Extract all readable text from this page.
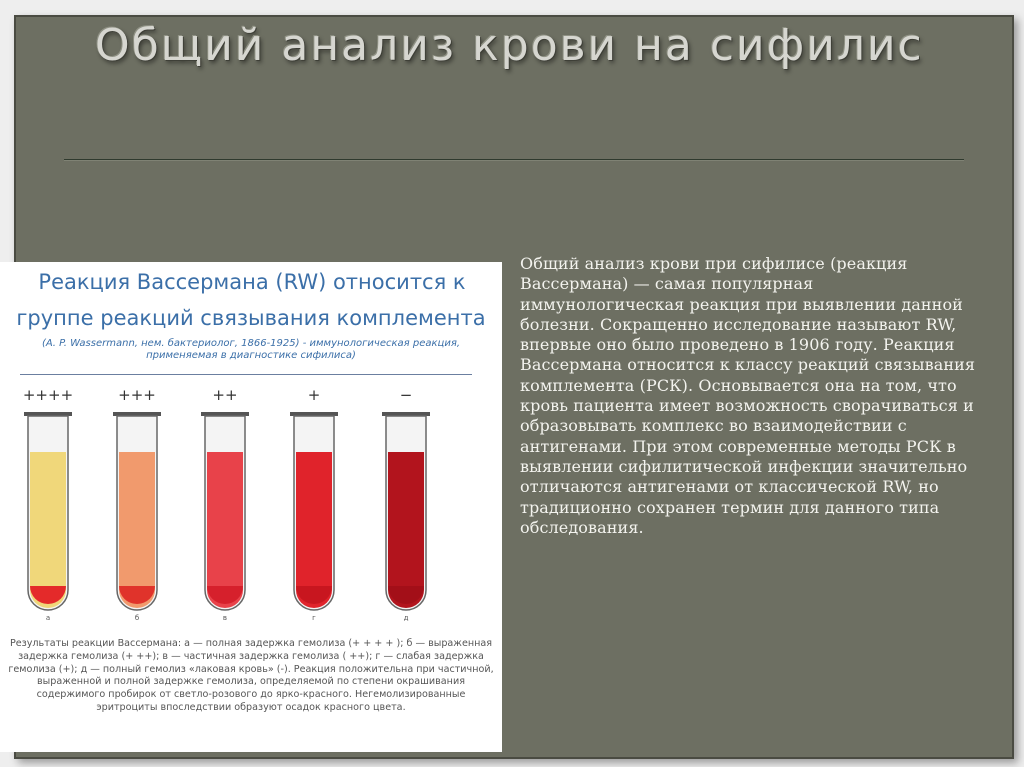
Общий анализ крови на сифилис
Реакция Вассермана (RW) относится к
группе реакций связывания комплемента
(А. P. Wassermann, нем. бактериолог, 1866-1925) - иммунологическая реакция, применяемая в диагностике сифилиса)
++++
а
+++
б
++
в
+
г
−
д
Результаты реакции Вассермана: а — полная задержка гемолиза (+ + + + ); б — выраженная задержка гемолиза (+ ++); в — частичная задержка гемолиза ( ++); г — слабая задержка гемолиза (+); д — полный гемолиз «лаковая кровь» (-). Реакция положительна при частичной, выраженной и полной задержке гемолиза, определяемой по степени окрашивания содержимого пробирок от светло-розового до ярко-красного. Негемолизированные эритроциты впоследствии образуют осадок красного цвета.
Общий анализ крови при сифилисе (реакция Вассермана) — самая популярная иммунологическая реакция при выявлении данной болезни. Сокращенно исследование называют RW, впервые оно было проведено в 1906 году. Реакция Вассермана относится к классу реакций связывания комплемента (РСК). Основывается она на том, что кровь пациента имеет возможность сворачиваться и образовывать комплекс во взаимодействии с антигенами. При этом современные методы РСК в выявлении сифилитической инфекции значительно отличаются антигенами от классической RW, но традиционно сохранен термин для данного типа обследования.
